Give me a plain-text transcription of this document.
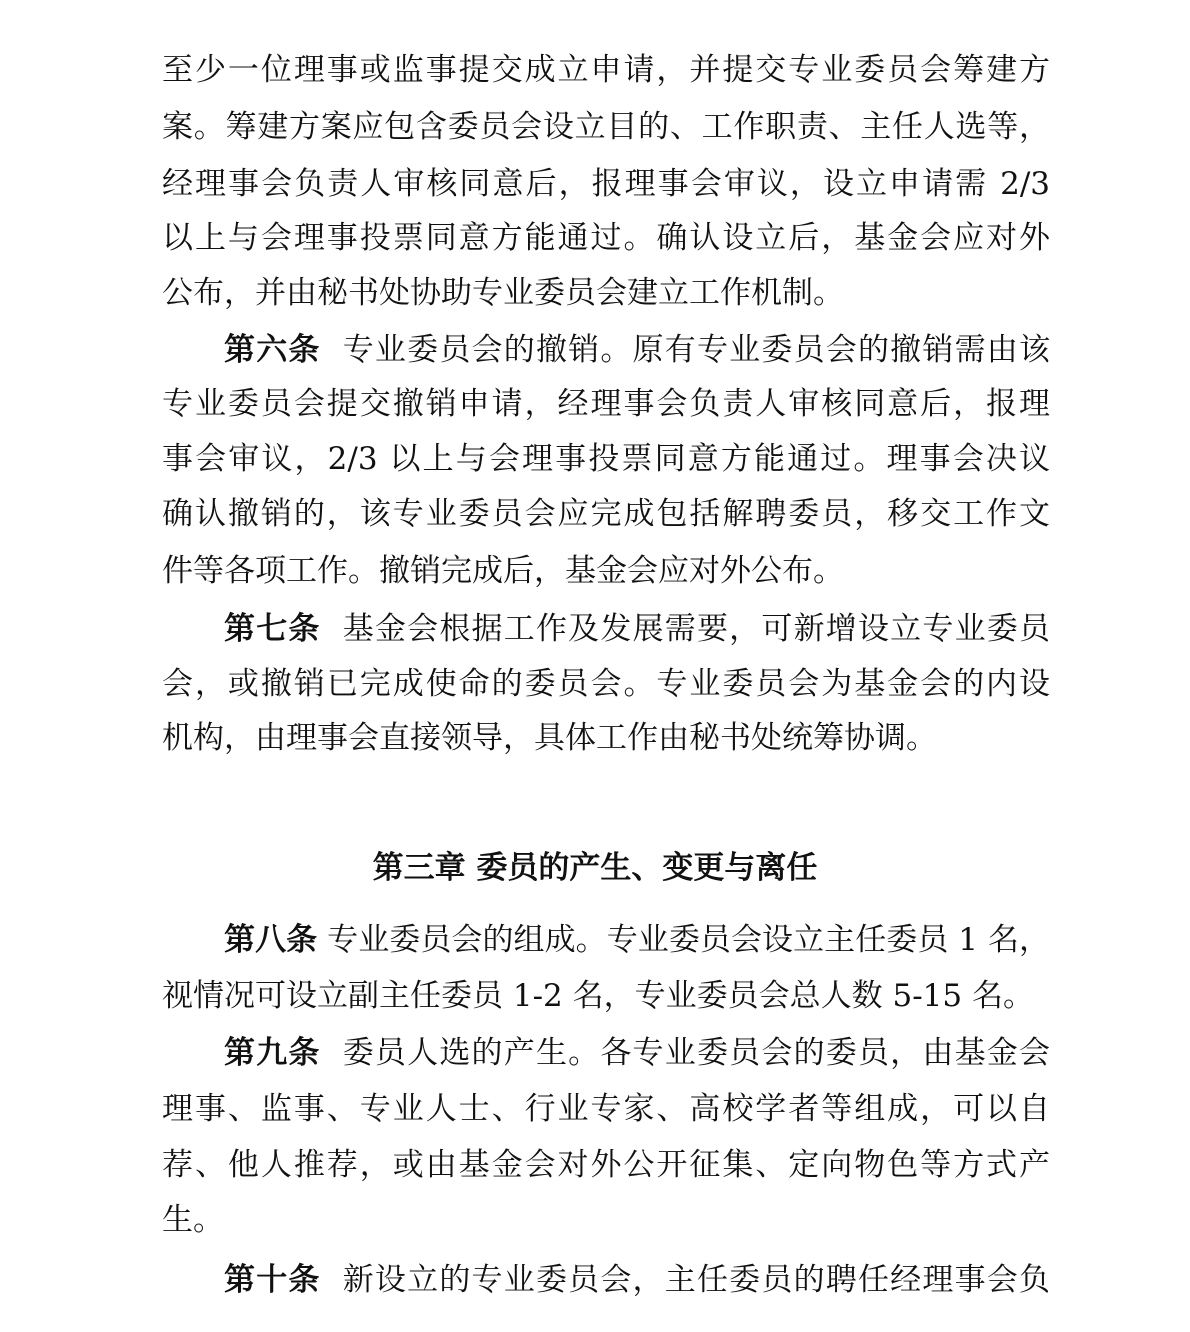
至少一位理事或监事提交成立申请，并提交专业委员会筹建方
案。筹建方案应包含委员会设立目的、工作职责、主任人选等，
经理事会负责人审核同意后，报理事会审议，设立申请需 2/3
以上与会理事投票同意方能通过。确认设立后，基金会应对外
公布，并由秘书处协助专业委员会建立工作机制。
第六条 专业委员会的撤销。原有专业委员会的撤销需由该
专业委员会提交撤销申请，经理事会负责人审核同意后，报理
事会审议，2/3 以上与会理事投票同意方能通过。理事会决议
确认撤销的，该专业委员会应完成包括解聘委员，移交工作文
件等各项工作。撤销完成后，基金会应对外公布。
第七条 基金会根据工作及发展需要，可新增设立专业委员
会，或撤销已完成使命的委员会。专业委员会为基金会的内设
机构，由理事会直接领导，具体工作由秘书处统筹协调。
第三章 委员的产生、变更与离任
第八条 专业委员会的组成。专业委员会设立主任委员 1 名，
视情况可设立副主任委员 1-2 名，专业委员会总人数 5-15 名。
第九条 委员人选的产生。各专业委员会的委员，由基金会
理事、监事、专业人士、行业专家、高校学者等组成，可以自
荐、他人推荐，或由基金会对外公开征集、定向物色等方式产
生。
第十条 新设立的专业委员会，主任委员的聘任经理事会负
